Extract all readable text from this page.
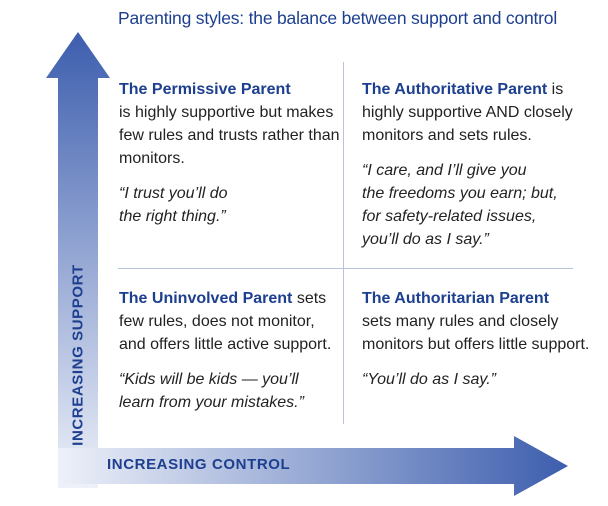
Parenting styles: the balance between support and control
INCREASING SUPPORT
INCREASING CONTROL

The Permissive Parent
is highly supportive but makes few rules and trusts rather than monitors.

“I trust you’ll do
the right thing.”

The Authoritative Parent is highly supportive AND closely monitors and sets rules.

“I care, and I’ll give you
the freedoms you earn; but,
for safety-related issues,
you’ll do as I say.”

The Uninvolved Parent sets few rules, does not monitor, and offers little active support.

“Kids will be kids — you’ll
learn from your mistakes.”

The Authoritarian Parent
sets many rules and closely monitors but offers little support.

“You’ll do as I say.”
